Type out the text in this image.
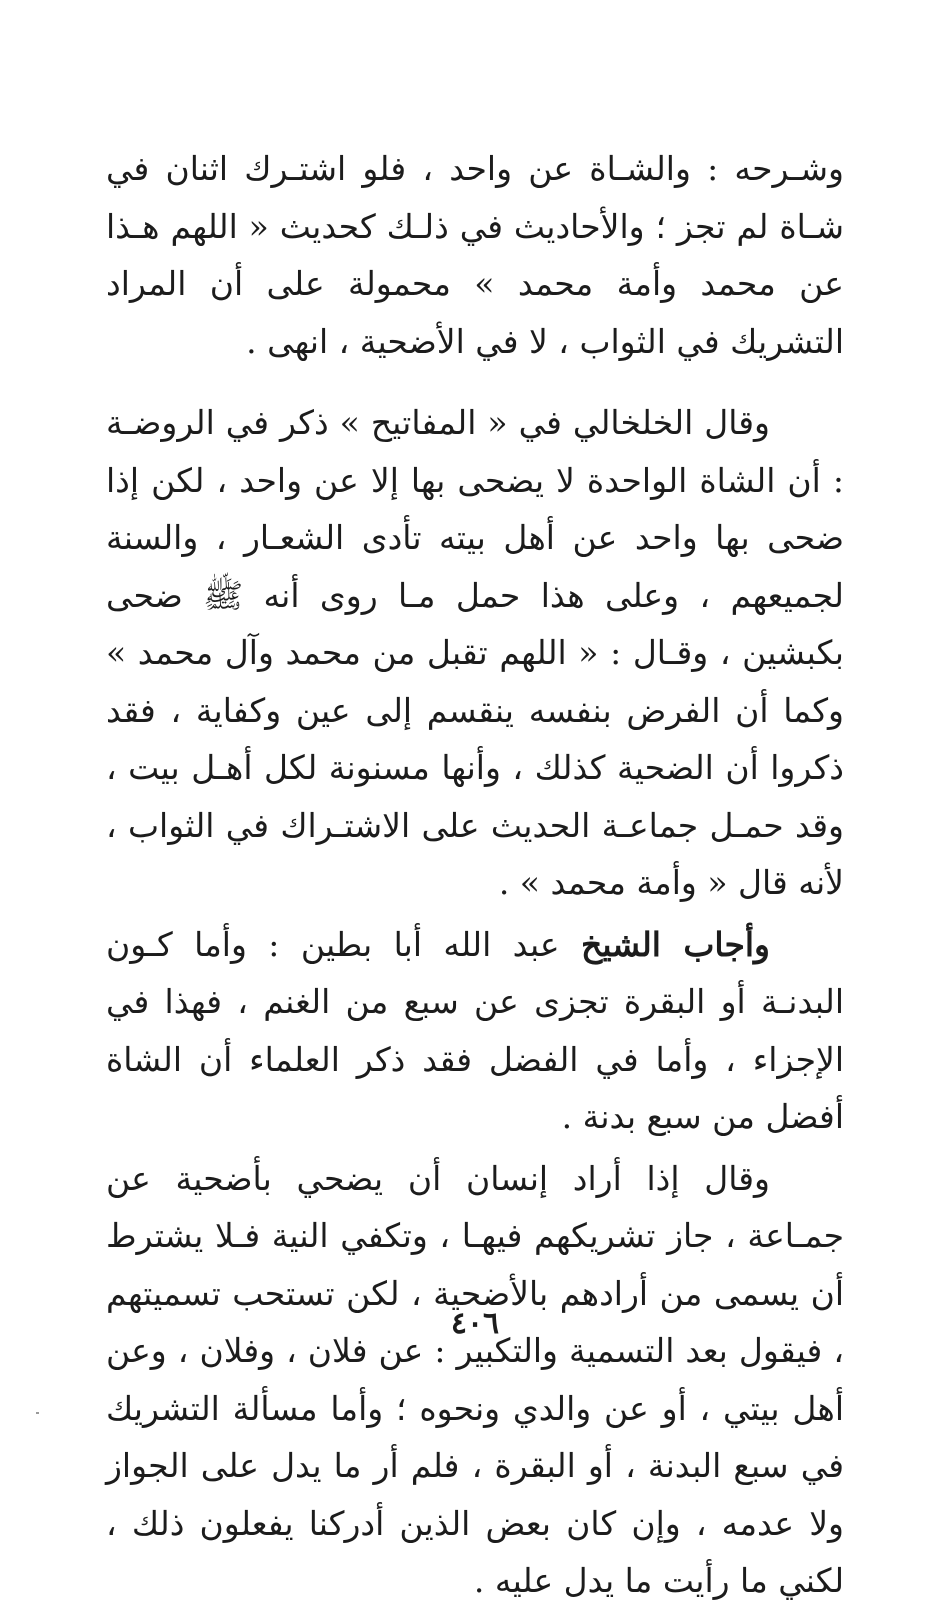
وشـرحه : والشـاة عن واحد ، فلو اشتـرك اثنان في شـاة لم تجز ؛ والأحاديث في ذلـك كحديث « اللهم هـذا عن محمد وأمة محمد » محمولة على أن المراد التشريك في الثواب ، لا في الأضحية ، انهى .

وقال الخلخالي في « المفاتيح » ذكر في الروضـة : أن الشاة الواحدة لا يضحى بها إلا عن واحد ، لكن إذا ضحى بها واحد عن أهل بيته تأدى الشعـار ، والسنة لجميعهم ، وعلى هذا حمل مـا روى أنه ﷺ ضحى بكبشين ، وقـال : « اللهم تقبل من محمد وآل محمد » وكما أن الفرض بنفسه ينقسم إلى عين وكفاية ، فقد ذكروا أن الضحية كذلك ، وأنها مسنونة لكل أهـل بيت ، وقد حمـل جماعـة الحديث على الاشتـراك في الثواب ، لأنه قال « وأمة محمد » .

وأجاب الشيخ عبد الله أبا بطين : وأما كـون البدنـة أو البقرة تجزى عن سبع من الغنم ، فهذا في الإجزاء ، وأما في الفضل فقد ذكر العلماء أن الشاة أفضل من سبع بدنة .

وقال إذا أراد إنسان أن يضحي بأضحية عن جمـاعة ، جاز تشريكهم فيهـا ، وتكفي النية فـلا يشترط أن يسمى من أرادهم بالأضحية ، لكن تستحب تسميتهم ، فيقول بعد التسمية والتكبير : عن فلان ، وفلان ، وعن أهل بيتي ، أو عن والدي ونحوه ؛ وأما مسألة التشريك في سبع البدنة ، أو البقرة ، فلم أر ما يدل على الجواز ولا عدمه ، وإن كان بعض الذين أدركنا يفعلون ذلك ، لكني ما رأيت ما يدل عليه .

٤٠٦
